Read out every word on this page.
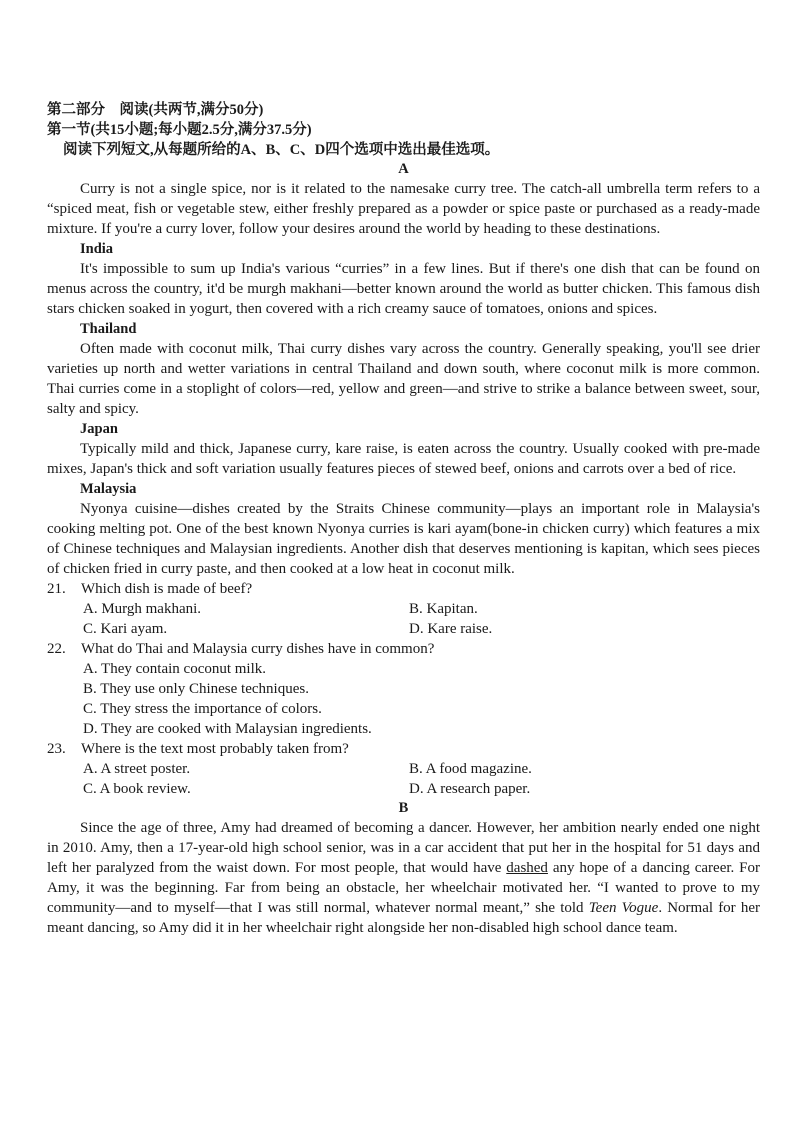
第二部分　阅读(共两节,满分50分)
第一节(共15小题;每小题2.5分,满分37.5分)
阅读下列短文,从每题所给的A、B、C、D四个选项中选出最佳选项。
A

Curry is not a single spice, nor is it related to the namesake curry tree. The catch-all umbrella term refers to a “spiced meat, fish or vegetable stew, either freshly prepared as a powder or spice paste or purchased as a ready-made mixture. If you're a curry lover, follow your desires around the world by heading to these destinations.

India

It's impossible to sum up India's various “curries” in a few lines. But if there's one dish that can be found on menus across the country, it'd be murgh makhani—better known around the world as butter chicken. This famous dish stars chicken soaked in yogurt, then covered with a rich creamy sauce of tomatoes, onions and spices.

Thailand

Often made with coconut milk, Thai curry dishes vary across the country. Generally speaking, you'll see drier varieties up north and wetter variations in central Thailand and down south, where coconut milk is more common. Thai curries come in a stoplight of colors—red, yellow and green—and strive to strike a balance between sweet, sour, salty and spicy.

Japan

Typically mild and thick, Japanese curry, kare raise, is eaten across the country. Usually cooked with pre-made mixes, Japan's thick and soft variation usually features pieces of stewed beef, onions and carrots over a bed of rice.

Malaysia

Nyonya cuisine—dishes created by the Straits Chinese community—plays an important role in Malaysia's cooking melting pot. One of the best known Nyonya curries is kari ayam(bone-in chicken curry) which features a mix of Chinese techniques and Malaysian ingredients. Another dish that deserves mentioning is kapitan, which sees pieces of chicken fried in curry paste, and then cooked at a low heat in coconut milk.

21.	Which dish is made of beef?
A. Murgh makhani.	B. Kapitan.
C. Kari ayam.	D. Kare raise.
22.	What do Thai and Malaysia curry dishes have in common?
A. They contain coconut milk.
B. They use only Chinese techniques.
C. They stress the importance of colors.
D. They are cooked with Malaysian ingredients.
23.	Where is the text most probably taken from?
A. A street poster.	B. A food magazine.
C. A book review.	D. A research paper.
B

Since the age of three, Amy had dreamed of becoming a dancer. However, her ambition nearly ended one night in 2010. Amy, then a 17-year-old high school senior, was in a car accident that put her in the hospital for 51 days and left her paralyzed from the waist down. For most people, that would have dashed any hope of a dancing career. For Amy, it was the beginning. Far from being an obstacle, her wheelchair motivated her. “I wanted to prove to my community—and to myself—that I was still normal, whatever normal meant,” she told Teen Vogue. Normal for her meant dancing, so Amy did it in her wheelchair right alongside her non-disabled high school dance team.
